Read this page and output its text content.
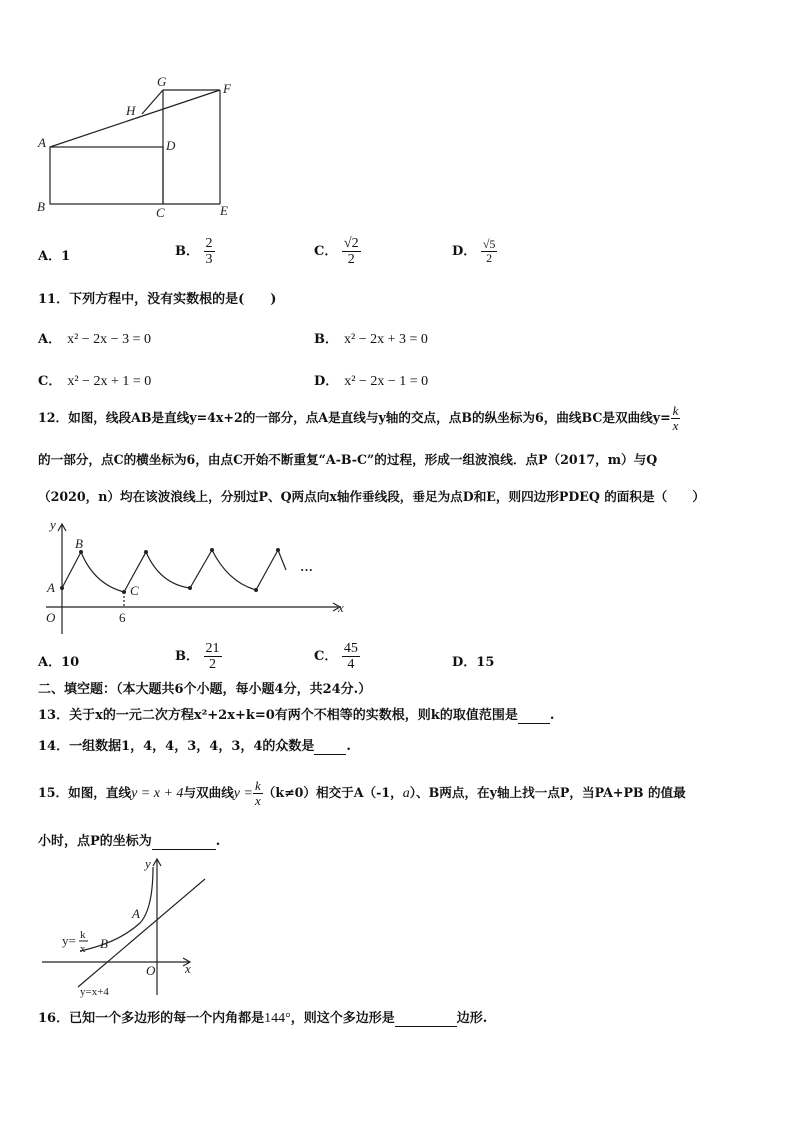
G	F
H
A	D
B	C	E
A．1	B． $\frac{2}{3}$	C． $\frac{√2}{2}$	D． $\frac{√5}{2}$
11．下列方程中，没有实数根的是(　　)
A． x² − 2x − 3 = 0	B． x² − 2x + 3 = 0
C． x² − 2x + 1 = 0	D． x² − 2x − 1 = 0
12．如图，线段AB是直线y=4x+2的一部分，点A是直线与y轴的交点，点B的纵坐标为6，曲线BC是双曲线$y= \frac{k}{x}$
的一部分，点C的横坐标为6，由点C开始不断重复“A-B-C”的过程，形成一组波浪线．点P（2017，m）与Q
（2020，n）均在该波浪线上，分别过P、Q两点向x轴作垂线段，垂足为点D和E，则四边形PDEQ 的面积是（　　）
y
B
A	C
O	6
x
···
A．10	B． $\frac{21}{2}$	C． $\frac{45}{4}$	D．15
二、填空题：（本大题共6个小题，每小题4分，共24分.）
13．关于x的一元二次方程x²+2x+k=0有两个不相等的实数根，则k的取值范围是 .
14．一组数据1，4，4，3，4，3，4的众数是 .
15．如图，直线y = x + 4与双曲线$y = \frac{k}{x} (k\ne 0)$相交于A（-1，a）、B两点，在y轴上找一点P，当PA+PB 的值最
小时，点P的坐标为	.
y
A
B
O x
y= k
x
y=x+4
16．已知一个多边形的每一个内角都是144°，则这个多边形是	边形.
